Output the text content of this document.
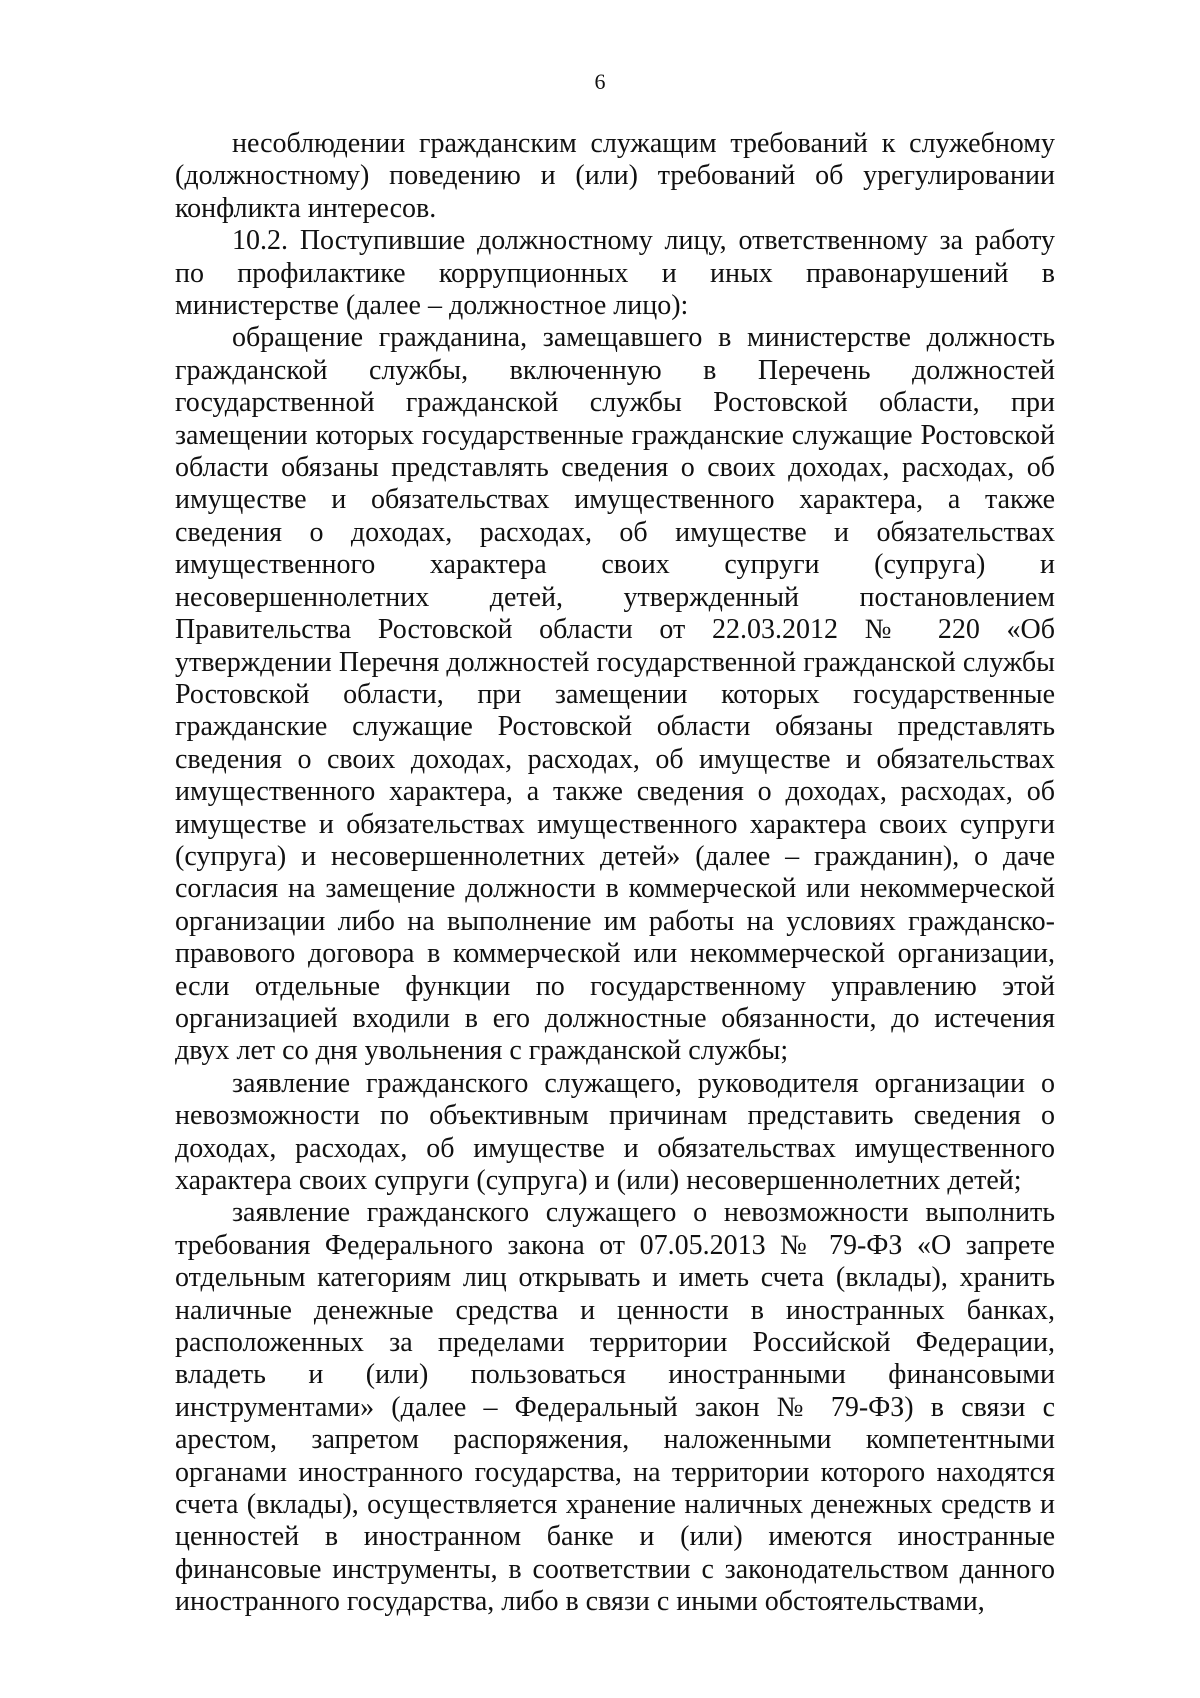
6

несоблюдении гражданским служащим требований к служебному (должностному) поведению и (или) требований об урегулировании конфликта интересов.

10.2. Поступившие должностному лицу, ответственному за работу по профилактике коррупционных и иных правонарушений в министерстве (далее – должностное лицо):

обращение гражданина, замещавшего в министерстве должность гражданской службы, включенную в Перечень должностей государственной гражданской службы Ростовской области, при замещении которых государственные гражданские служащие Ростовской области обязаны представлять сведения о своих доходах, расходах, об имуществе и обязательствах имущественного характера, а также сведения о доходах, расходах, об имуществе и обязательствах имущественного характера своих супруги (супруга) и несовершеннолетних детей, утвержденный постановлением Правительства Ростовской области от 22.03.2012 № 220 «Об утверждении Перечня должностей государственной гражданской службы Ростовской области, при замещении которых государственные гражданские служащие Ростовской области обязаны представлять сведения о своих доходах, расходах, об имуществе и обязательствах имущественного характера, а также сведения о доходах, расходах, об имуществе и обязательствах имущественного характера своих супруги (супруга) и несовершеннолетних детей» (далее – гражданин), о даче согласия на замещение должности в коммерческой или некоммерческой организации либо на выполнение им работы на условиях гражданско-правового договора в коммерческой или некоммерческой организации, если отдельные функции по государственному управлению этой организацией входили в его должностные обязанности, до истечения двух лет со дня увольнения с гражданской службы;

заявление гражданского служащего, руководителя организации о невозможности по объективным причинам представить сведения о доходах, расходах, об имуществе и обязательствах имущественного характера своих супруги (супруга) и (или) несовершеннолетних детей;

заявление гражданского служащего о невозможности выполнить требования Федерального закона от 07.05.2013 № 79-ФЗ «О запрете отдельным категориям лиц открывать и иметь счета (вклады), хранить наличные денежные средства и ценности в иностранных банках, расположенных за пределами территории Российской Федерации, владеть и (или) пользоваться иностранными финансовыми инструментами» (далее – Федеральный закон № 79-ФЗ) в связи с арестом, запретом распоряжения, наложенными компетентными органами иностранного государства, на территории которого находятся счета (вклады), осуществляется хранение наличных денежных средств и ценностей в иностранном банке и (или) имеются иностранные финансовые инструменты, в соответствии с законодательством данного иностранного государства, либо в связи с иными обстоятельствами,
